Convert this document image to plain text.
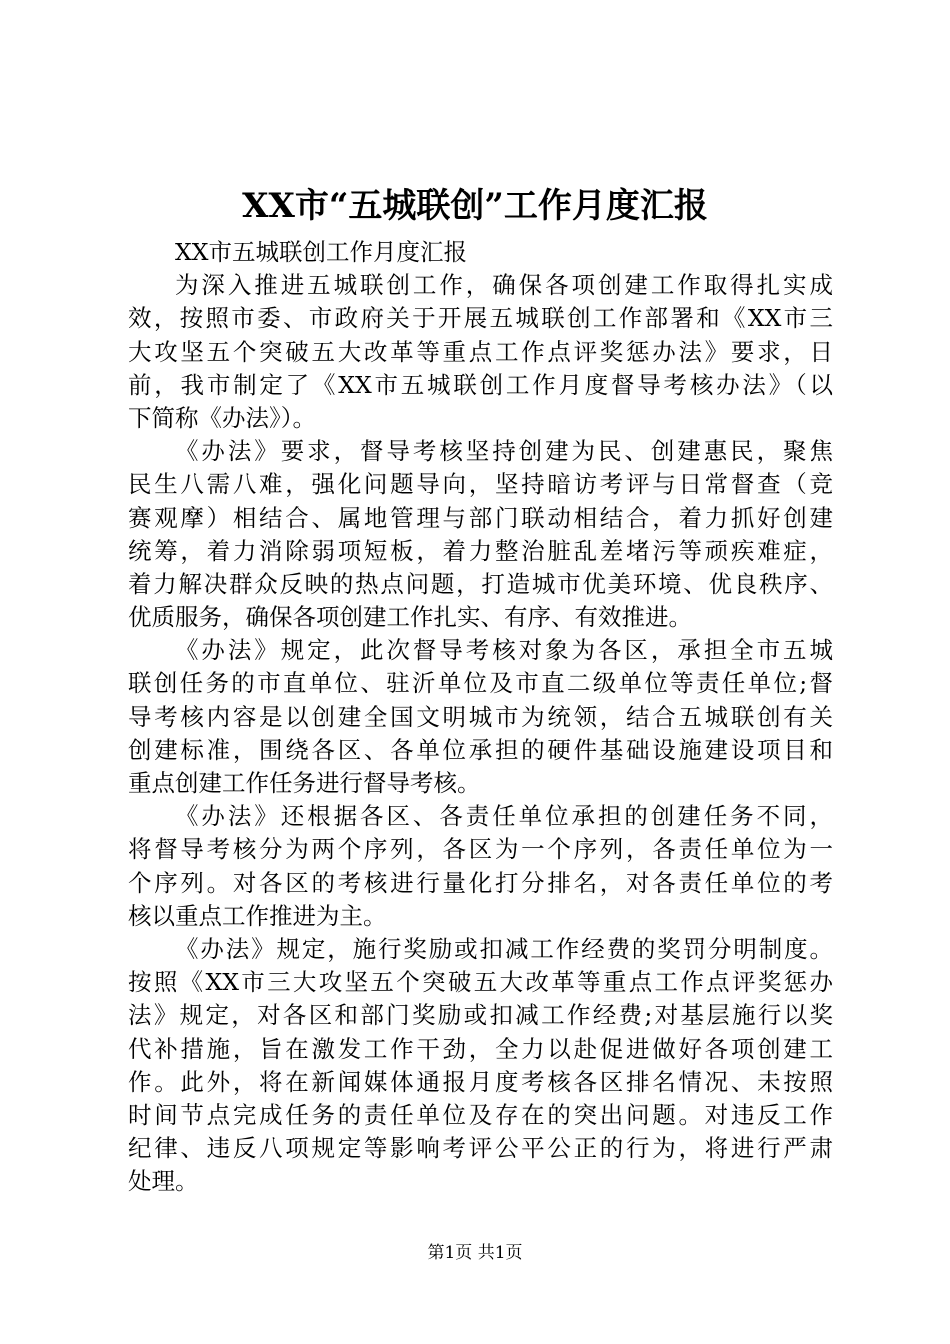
XX市“五城联创”工作月度汇报
XX市五城联创工作月度汇报
为深入推进五城联创工作，确保各项创建工作取得扎实成
效，按照市委、市政府关于开展五城联创工作部署和《XX市三
大攻坚五个突破五大改革等重点工作点评奖惩办法》要求，日
前，我市制定了《XX市五城联创工作月度督导考核办法》（以
下简称《办法》）。
《办法》要求，督导考核坚持创建为民、创建惠民，聚焦
民生八需八难，强化问题导向，坚持暗访考评与日常督查（竞
赛观摩）相结合、属地管理与部门联动相结合，着力抓好创建
统筹，着力消除弱项短板，着力整治脏乱差堵污等顽疾难症，
着力解决群众反映的热点问题，打造城市优美环境、优良秩序、
优质服务，确保各项创建工作扎实、有序、有效推进。
《办法》规定，此次督导考核对象为各区，承担全市五城
联创任务的市直单位、驻沂单位及市直二级单位等责任单位;督
导考核内容是以创建全国文明城市为统领，结合五城联创有关
创建标准，围绕各区、各单位承担的硬件基础设施建设项目和
重点创建工作任务进行督导考核。
《办法》还根据各区、各责任单位承担的创建任务不同，
将督导考核分为两个序列，各区为一个序列，各责任单位为一
个序列。对各区的考核进行量化打分排名，对各责任单位的考
核以重点工作推进为主。
《办法》规定，施行奖励或扣减工作经费的奖罚分明制度。
按照《XX市三大攻坚五个突破五大改革等重点工作点评奖惩办
法》规定，对各区和部门奖励或扣减工作经费;对基层施行以奖
代补措施，旨在激发工作干劲，全力以赴促进做好各项创建工
作。此外，将在新闻媒体通报月度考核各区排名情况、未按照
时间节点完成任务的责任单位及存在的突出问题。对违反工作
纪律、违反八项规定等影响考评公平公正的行为，将进行严肃
处理。
第1页 共1页
